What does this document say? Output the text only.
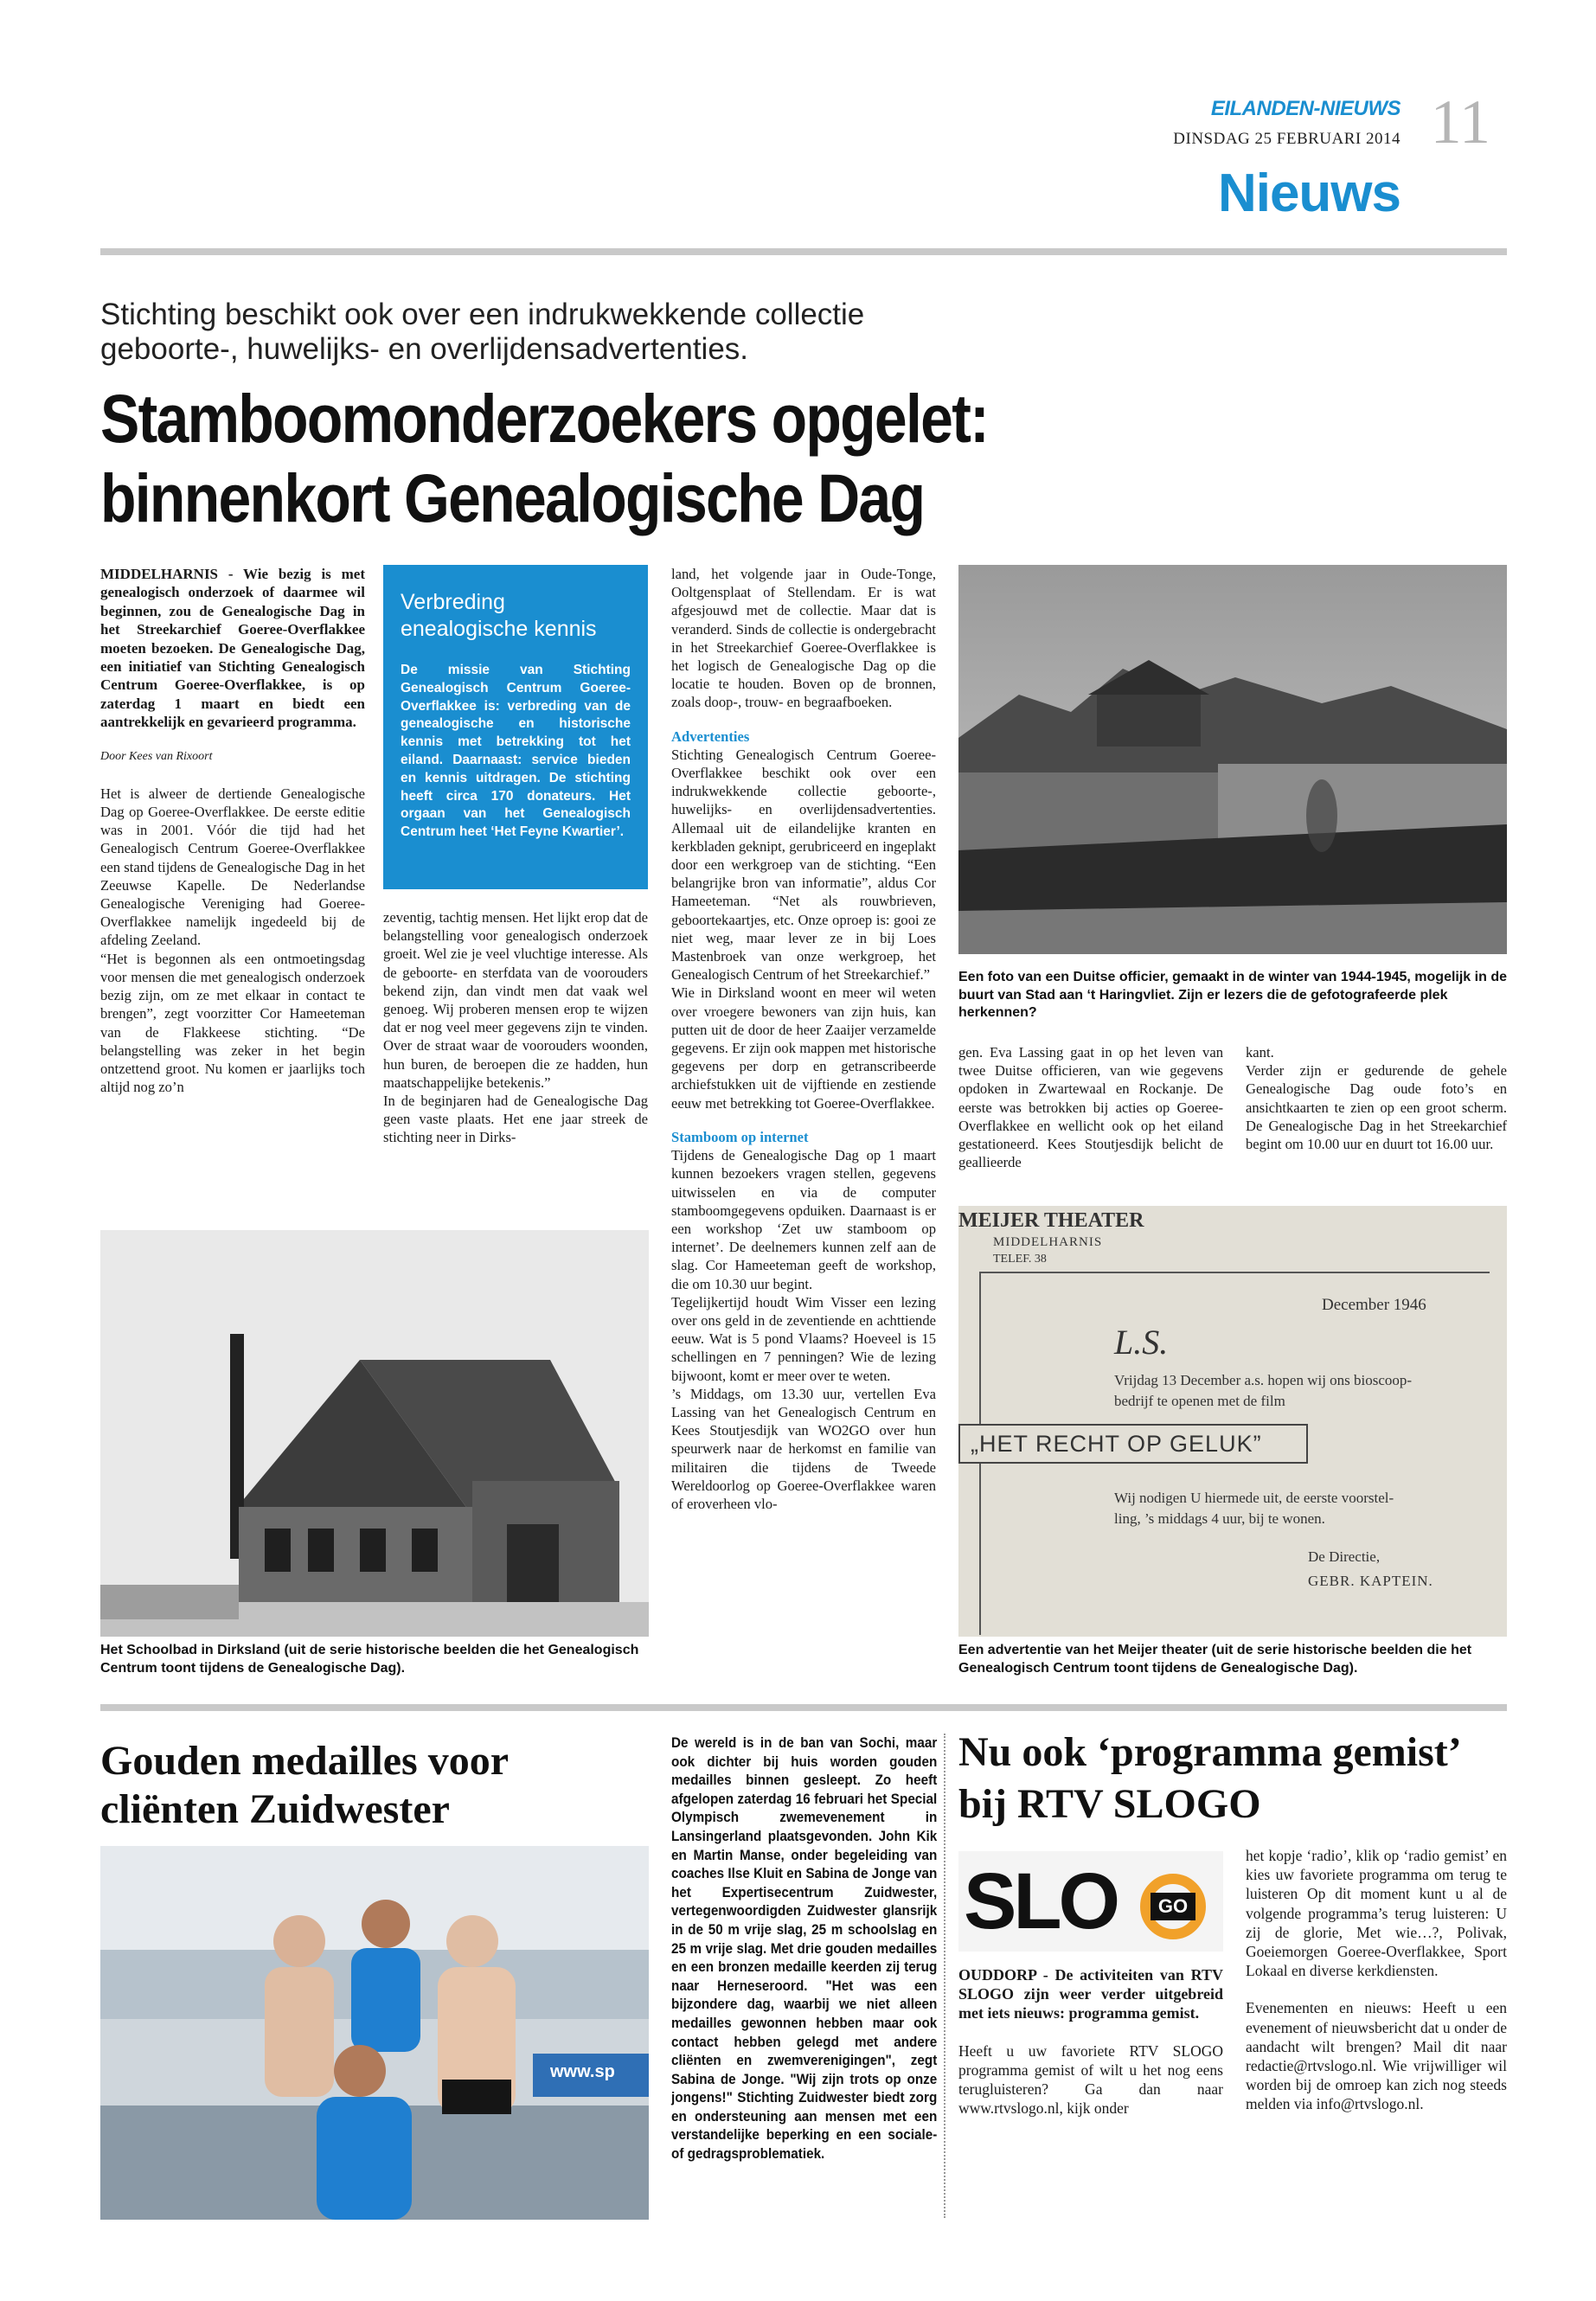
EILANDEN-NIEUWS
DINSDAG 25 FEBRUARI 2014 11
Nieuws
Stichting beschikt ook over een indrukwekkende collectie geboorte-, huwelijks- en overlijdensadvertenties.
Stamboomonderzoekers opgelet:
binnenkort Genealogische Dag

MIDDELHARNIS - Wie bezig is met genealogisch onderzoek of daarmee wil beginnen, zou de Genealogische Dag in het Streekarchief Goeree-Overflakkee moeten bezoeken. De Genealogische Dag, een initiatief van Stichting Genealogisch Centrum Goeree-Overflakkee, is op zaterdag 1 maart en biedt een aantrekkelijk en gevarieerd programma.

Door Kees van Rixoort

Het is alweer de dertiende Genealogische Dag op Goeree-Overflakkee. De eerste editie was in 2001. Vóór die tijd had het Genealogisch Centrum Goeree-Overflakkee een stand tijdens de Genealogische Dag in het Zeeuwse Kapelle. De Nederlandse Genealogische Vereniging had Goeree-Overflakkee namelijk ingedeeld bij de afdeling Zeeland.

“Het is begonnen als een ontmoetingsdag voor mensen die met genealogisch onderzoek bezig zijn, om ze met elkaar in contact te brengen”, zegt voorzitter Cor Hameeteman van de Flakkeese stichting. “De belangstelling was zeker in het begin ontzettend groot. Nu komen er jaarlijks toch altijd nog zo’n

Verbreding enealogische kennis
De missie van Stichting Genealogisch Centrum Goeree-Overflakkee is: verbreding van de genealogische en historische kennis met betrekking tot het eiland. Daarnaast: service bieden en kennis uitdragen. De stichting heeft circa 170 donateurs. Het orgaan van het Genealogisch Centrum heet ‘Het Feyne Kwartier’.

zeventig, tachtig mensen. Het lijkt erop dat de belangstelling voor genealogisch onderzoek groeit. Wel zie je veel vluchtige interesse. Als de geboorte- en sterfdata van de voorouders bekend zijn, dan vindt men dat vaak wel genoeg. Wij proberen mensen erop te wijzen dat er nog veel meer gegevens zijn te vinden. Over de straat waar de voorouders woonden, hun buren, de beroepen die ze hadden, hun maatschappelijke betekenis.”

In de beginjaren had de Genealogische Dag geen vaste plaats. Het ene jaar streek de stichting neer in Dirks-

land, het volgende jaar in Oude-Tonge, Ooltgensplaat of Stellendam. Er is wat afgesjouwd met de collectie. Maar dat is veranderd. Sinds de collectie is ondergebracht in het Streekarchief Goeree-Overflakkee is het logisch de Genealogische Dag op die locatie te houden. Boven op de bronnen, zoals doop-, trouw- en begraafboeken.

Advertenties

Stichting Genealogisch Centrum Goeree-Overflakkee beschikt ook over een indrukwekkende collectie geboorte-, huwelijks- en overlijdensadvertenties. Allemaal uit de eilandelijke kranten en kerkbladen geknipt, gerubriceerd en ingeplakt door een werkgroep van de stichting. “Een belangrijke bron van informatie”, aldus Cor Hameeteman. “Net als rouwbrieven, geboortekaartjes, etc. Onze oproep is: gooi ze niet weg, maar lever ze in bij Loes Mastenbroek van onze werkgroep, het Genealogisch Centrum of het Streekarchief.”

Wie in Dirksland woont en meer wil weten over vroegere bewoners van zijn huis, kan putten uit de door de heer Zaaijer verzamelde gegevens. Er zijn ook mappen met historische gegevens per dorp en getranscribeerde archiefstukken uit de vijftiende en zestiende eeuw met betrekking tot Goeree-Overflakkee.

Stamboom op internet

Tijdens de Genealogische Dag op 1 maart kunnen bezoekers vragen stellen, gegevens uitwisselen en via de computer stamboomgegevens opduiken. Daarnaast is er een workshop ‘Zet uw stamboom op internet’. De deelnemers kunnen zelf aan de slag. Cor Hameeteman geeft de workshop, die om 10.30 uur begint.

Tegelijkertijd houdt Wim Visser een lezing over ons geld in de zeventiende en achttiende eeuw. Wat is 5 pond Vlaams? Hoeveel is 15 schellingen en 7 penningen? Wie de lezing bijwoont, komt er meer over te weten.

’s Middags, om 13.30 uur, vertellen Eva Lassing van het Genealogisch Centrum en Kees Stoutjesdijk van WO2GO over hun speurwerk naar de herkomst en familie van militairen die tijdens de Tweede Wereldoorlog op Goeree-Overflakkee waren of eroverheen vlo-

Een foto van een Duitse officier, gemaakt in de winter van 1944-1945, mogelijk in de buurt van Stad aan ‘t Haringvliet. Zijn er lezers die de gefotografeerde plek herkennen?

gen. Eva Lassing gaat in op het leven van twee Duitse officieren, van wie gegevens opdoken in Zwartewaal en Rockanje. De eerste was betrokken bij acties op Goeree-Overflakkee en wellicht ook op het eiland gestationeerd. Kees Stoutjesdijk belicht de geallieerde

kant.

Verder zijn er gedurende de gehele Genealogische Dag oude foto’s en ansichtkaarten te zien op een groot scherm. De Genealogische Dag in het Streekarchief begint om 10.00 uur en duurt tot 16.00 uur.

Het Schoolbad in Dirksland (uit de serie historische beelden die het Genealogisch Centrum toont tijdens de Genealogische Dag).
MEIJER THEATER
MIDDELHARNIS
TELEF. 38
December 1946
L.S.
Vrijdag 13 December a.s. hopen wij ons bioscoop-
bedrijf te openen met de film
„HET RECHT OP GELUK”
Wij nodigen U hiermede uit, de eerste voorstel-
ling, ’s middags 4 uur, bij te wonen.
De Directie,
GEBR. KAPTEIN.
Een advertentie van het Meijer theater (uit de serie historische beelden die het Genealogisch Centrum toont tijdens de Genealogische Dag).
Gouden medailles voor
cliënten Zuidwester
www.sp
De wereld is in de ban van Sochi, maar ook dichter bij huis worden gouden medailles binnen gesleept. Zo heeft afgelopen zaterdag 16 februari het Special Olympisch zwemevenement in Lansingerland plaatsgevonden. John Kik en Martin Manse, onder begeleiding van coaches Ilse Kluit en Sabina de Jonge van het Expertisecentrum Zuidwester, vertegenwoordigden Zuidwester glansrijk in de 50 m vrije slag, 25 m schoolslag en 25 m vrije slag. Met drie gouden medailles en een bronzen medaille keerden zij terug naar Herneseroord. "Het was een bijzondere dag, waarbij we niet alleen medailles gewonnen hebben maar ook contact hebben gelegd met andere cliënten en zwemverenigingen", zegt Sabina de Jonge. "Wij zijn trots op onze jongens!" Stichting Zuidwester biedt zorg en ondersteuning aan mensen met een verstandelijke beperking en een sociale- of gedragsproblematiek.
Nu ook ‘programma gemist’
bij RTV SLOGO
SLO	GO

OUDDORP - De activiteiten van RTV SLOGO zijn weer verder uitgebreid met iets nieuws: programma gemist.

Heeft u uw favoriete RTV SLOGO programma gemist of wilt u het nog eens terugluisteren? Ga dan naar www.rtvslogo.nl, kijk onder

het kopje ‘radio’, klik op ‘radio gemist’ en kies uw favoriete programma om terug te luisteren Op dit moment kunt u al de volgende programma’s terug luisteren: U zij de glorie, Met wie…?, Polivak, Goeiemorgen Goeree-Overflakkee, Sport Lokaal en diverse kerkdiensten.

Evenementen en nieuws: Heeft u een evenement of nieuwsbericht dat u onder de aandacht wilt brengen? Mail dit naar redactie@rtvslogo.nl. Wie vrijwilliger wil worden bij de omroep kan zich nog steeds melden via info@rtvslogo.nl.
